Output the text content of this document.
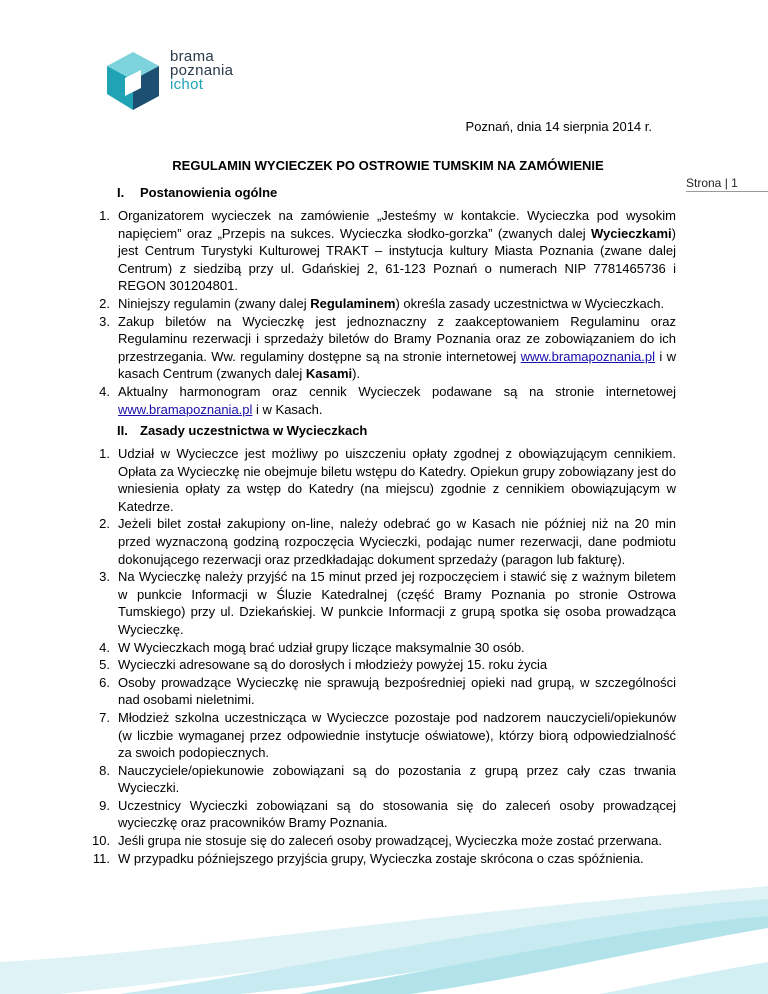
brama
poznania
ichot
Poznań, dnia 14 sierpnia 2014 r.
REGULAMIN WYCIECZEK PO OSTROWIE TUMSKIM NA ZAMÓWIENIE
Strona | 1
I. Postanowienia ogólne
1. Organizatorem wycieczek na zamówienie „Jesteśmy w kontakcie. Wycieczka pod wysokim napięciem” oraz „Przepis na sukces. Wycieczka słodko-gorzka” (zwanych dalej Wycieczkami) jest Centrum Turystyki Kulturowej TRAKT – instytucja kultury Miasta Poznania (zwane dalej Centrum) z siedzibą przy ul. Gdańskiej 2, 61-123 Poznań o numerach NIP 7781465736 i REGON 301204801.
2. Niniejszy regulamin (zwany dalej Regulaminem) określa zasady uczestnictwa w Wycieczkach.
3. Zakup biletów na Wycieczkę jest jednoznaczny z zaakceptowaniem Regulaminu oraz Regulaminu rezerwacji i sprzedaży biletów do Bramy Poznania oraz ze zobowiązaniem do ich przestrzegania. Ww. regulaminy dostępne są na stronie internetowej www.bramapoznania.pl i w kasach Centrum (zwanych dalej Kasami).
4. Aktualny harmonogram oraz cennik Wycieczek podawane są na stronie internetowej www.bramapoznania.pl i w Kasach.
II. Zasady uczestnictwa w Wycieczkach
1. Udział w Wycieczce jest możliwy po uiszczeniu opłaty zgodnej z obowiązującym cennikiem. Opłata za Wycieczkę nie obejmuje biletu wstępu do Katedry. Opiekun grupy zobowiązany jest do wniesienia opłaty za wstęp do Katedry (na miejscu) zgodnie z cennikiem obowiązującym w Katedrze.
2. Jeżeli bilet został zakupiony on-line, należy odebrać go w Kasach nie później niż na 20 min przed wyznaczoną godziną rozpoczęcia Wycieczki, podając numer rezerwacji, dane podmiotu dokonującego rezerwacji oraz przedkładając dokument sprzedaży (paragon lub fakturę).
3. Na Wycieczkę należy przyjść na 15 minut przed jej rozpoczęciem i stawić się z ważnym biletem w punkcie Informacji w Śluzie Katedralnej (część Bramy Poznania po stronie Ostrowa Tumskiego) przy ul. Dziekańskiej. W punkcie Informacji z grupą spotka się osoba prowadząca Wycieczkę.
4. W Wycieczkach mogą brać udział grupy liczące maksymalnie 30 osób.
5. Wycieczki adresowane są do dorosłych i młodzieży powyżej 15. roku życia
6. Osoby prowadzące Wycieczkę nie sprawują bezpośredniej opieki nad grupą, w szczególności nad osobami nieletnimi.
7. Młodzież szkolna uczestnicząca w Wycieczce pozostaje pod nadzorem nauczycieli/opiekunów (w liczbie wymaganej przez odpowiednie instytucje oświatowe), którzy biorą odpowiedzialność za swoich podopiecznych.
8. Nauczyciele/opiekunowie zobowiązani są do pozostania z grupą przez cały czas trwania Wycieczki.
9. Uczestnicy Wycieczki zobowiązani są do stosowania się do zaleceń osoby prowadzącej wycieczkę oraz pracowników Bramy Poznania.
10. Jeśli grupa nie stosuje się do zaleceń osoby prowadzącej, Wycieczka może zostać przerwana.
11. W przypadku późniejszego przyjścia grupy, Wycieczka zostaje skrócona o czas spóźnienia.
